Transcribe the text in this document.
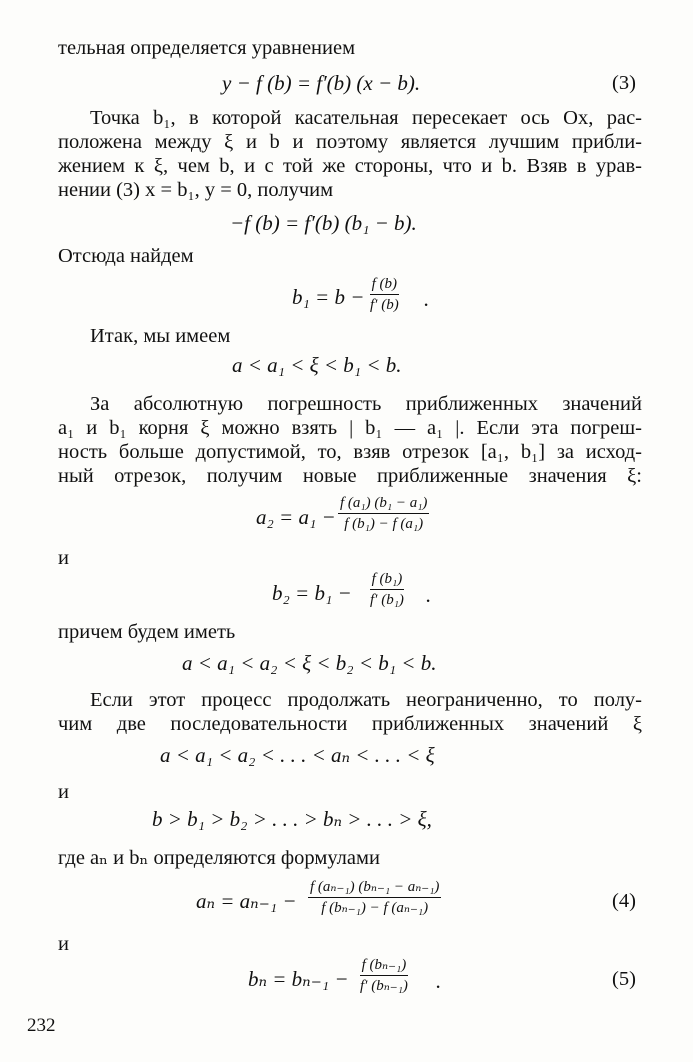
тельная определяется уравнением
y − f (b) = f′(b) (x − b).	(3)
Точка b₁, в которой касательная пересекает ось Ox, рас-
положена между ξ и b и поэтому является лучшим прибли-
жением к ξ, чем b, и с той же стороны, что и b. Взяв в урав-
нении (3) x = b₁, y = 0, получим
−f (b) = f′(b) (b₁ − b).
Отсюда найдем
$b_1 = b - \frac{f (b)}{f' (b)}$ .
Итак, мы имеем
a < a₁ < ξ < b₁ < b.
За абсолютную погрешность приближенных значений
a₁ и b₁ корня ξ можно взять | b₁ — a₁ |. Если эта погреш-
ность больше допустимой, то, взяв отрезок [a₁, b₁] за исход-
ный отрезок, получим новые приближенные значения ξ:
$a_2 = a_1 - \frac{\text{f (a₁) (b₁ − a₁)}}{\text{f (b₁) − f (a₁)}}$
и
$b_2 = b_1 - \frac{\text{f (b₁)}}{\text{f′ (b₁)}}$ .
причем будем иметь
a < a₁ < a₂ < ξ < b₂ < b₁ < b.
Если этот процесс продолжать неограниченно, то полу-
чим две последовательности приближенных значений ξ
a < a₁ < a₂ < . . . < aₙ < . . . < ξ
и
b > b₁ > b₂ > . . . > bₙ > . . . > ξ,
где aₙ и bₙ определяются формулами
$a_n = a_{n-1} - \frac{\text{f (aₙ₋₁) (bₙ₋₁ − aₙ₋₁)}}{\text{f (bₙ₋₁) − f (aₙ₋₁)}}$	(4)
и
$b_n = b_{n-1} - \frac{\text{f (bₙ₋₁)}}{\text{f′ (bₙ₋₁)}}$ .	(5)
232
